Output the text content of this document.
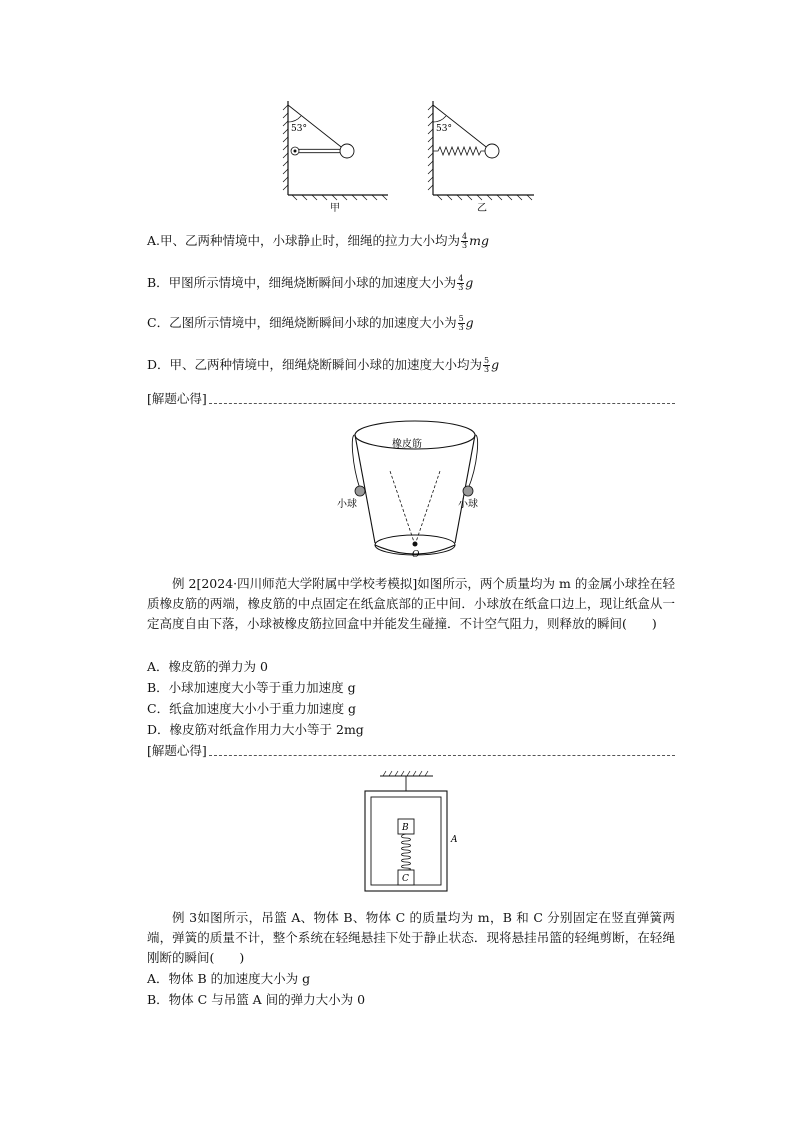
53°
甲
53°
乙
A.甲、乙两种情境中，小球静止时，细绳的拉力大小均为 $\frac{4}{3}$ mg
B．甲图所示情境中，细绳烧断瞬间小球的加速度大小为 $\frac{4}{3}$ g
C．乙图所示情境中，细绳烧断瞬间小球的加速度大小为 $\frac{5}{3}$ g
D．甲、乙两种情境中，细绳烧断瞬间小球的加速度大小均为 $\frac{5}{3}$ g
[解题心得]
小球	小球
O
橡皮筋
例 2[2024·四川师范大学附属中学校考模拟]如图所示，两个质量均为 m 的金属小球拴在轻质橡皮筋的两端，橡皮筋的中点固定在纸盒底部的正中间．小球放在纸盒口边上，现让纸盒从一定高度自由下落，小球被橡皮筋拉回盒中并能发生碰撞．不计空气阻力，则释放的瞬间(　　)
A．橡皮筋的弹力为 0
B．小球加速度大小等于重力加速度 g
C．纸盒加速度大小小于重力加速度 g
D．橡皮筋对纸盒作用力大小等于 2mg
[解题心得]
B
C
A
例 3如图所示，吊篮 A、物体 B、物体 C 的质量均为 m，B 和 C 分别固定在竖直弹簧两端，弹簧的质量不计，整个系统在轻绳悬挂下处于静止状态．现将悬挂吊篮的轻绳剪断，在轻绳刚断的瞬间(　　)
A．物体 B 的加速度大小为 g
B．物体 C 与吊篮 A 间的弹力大小为 0
